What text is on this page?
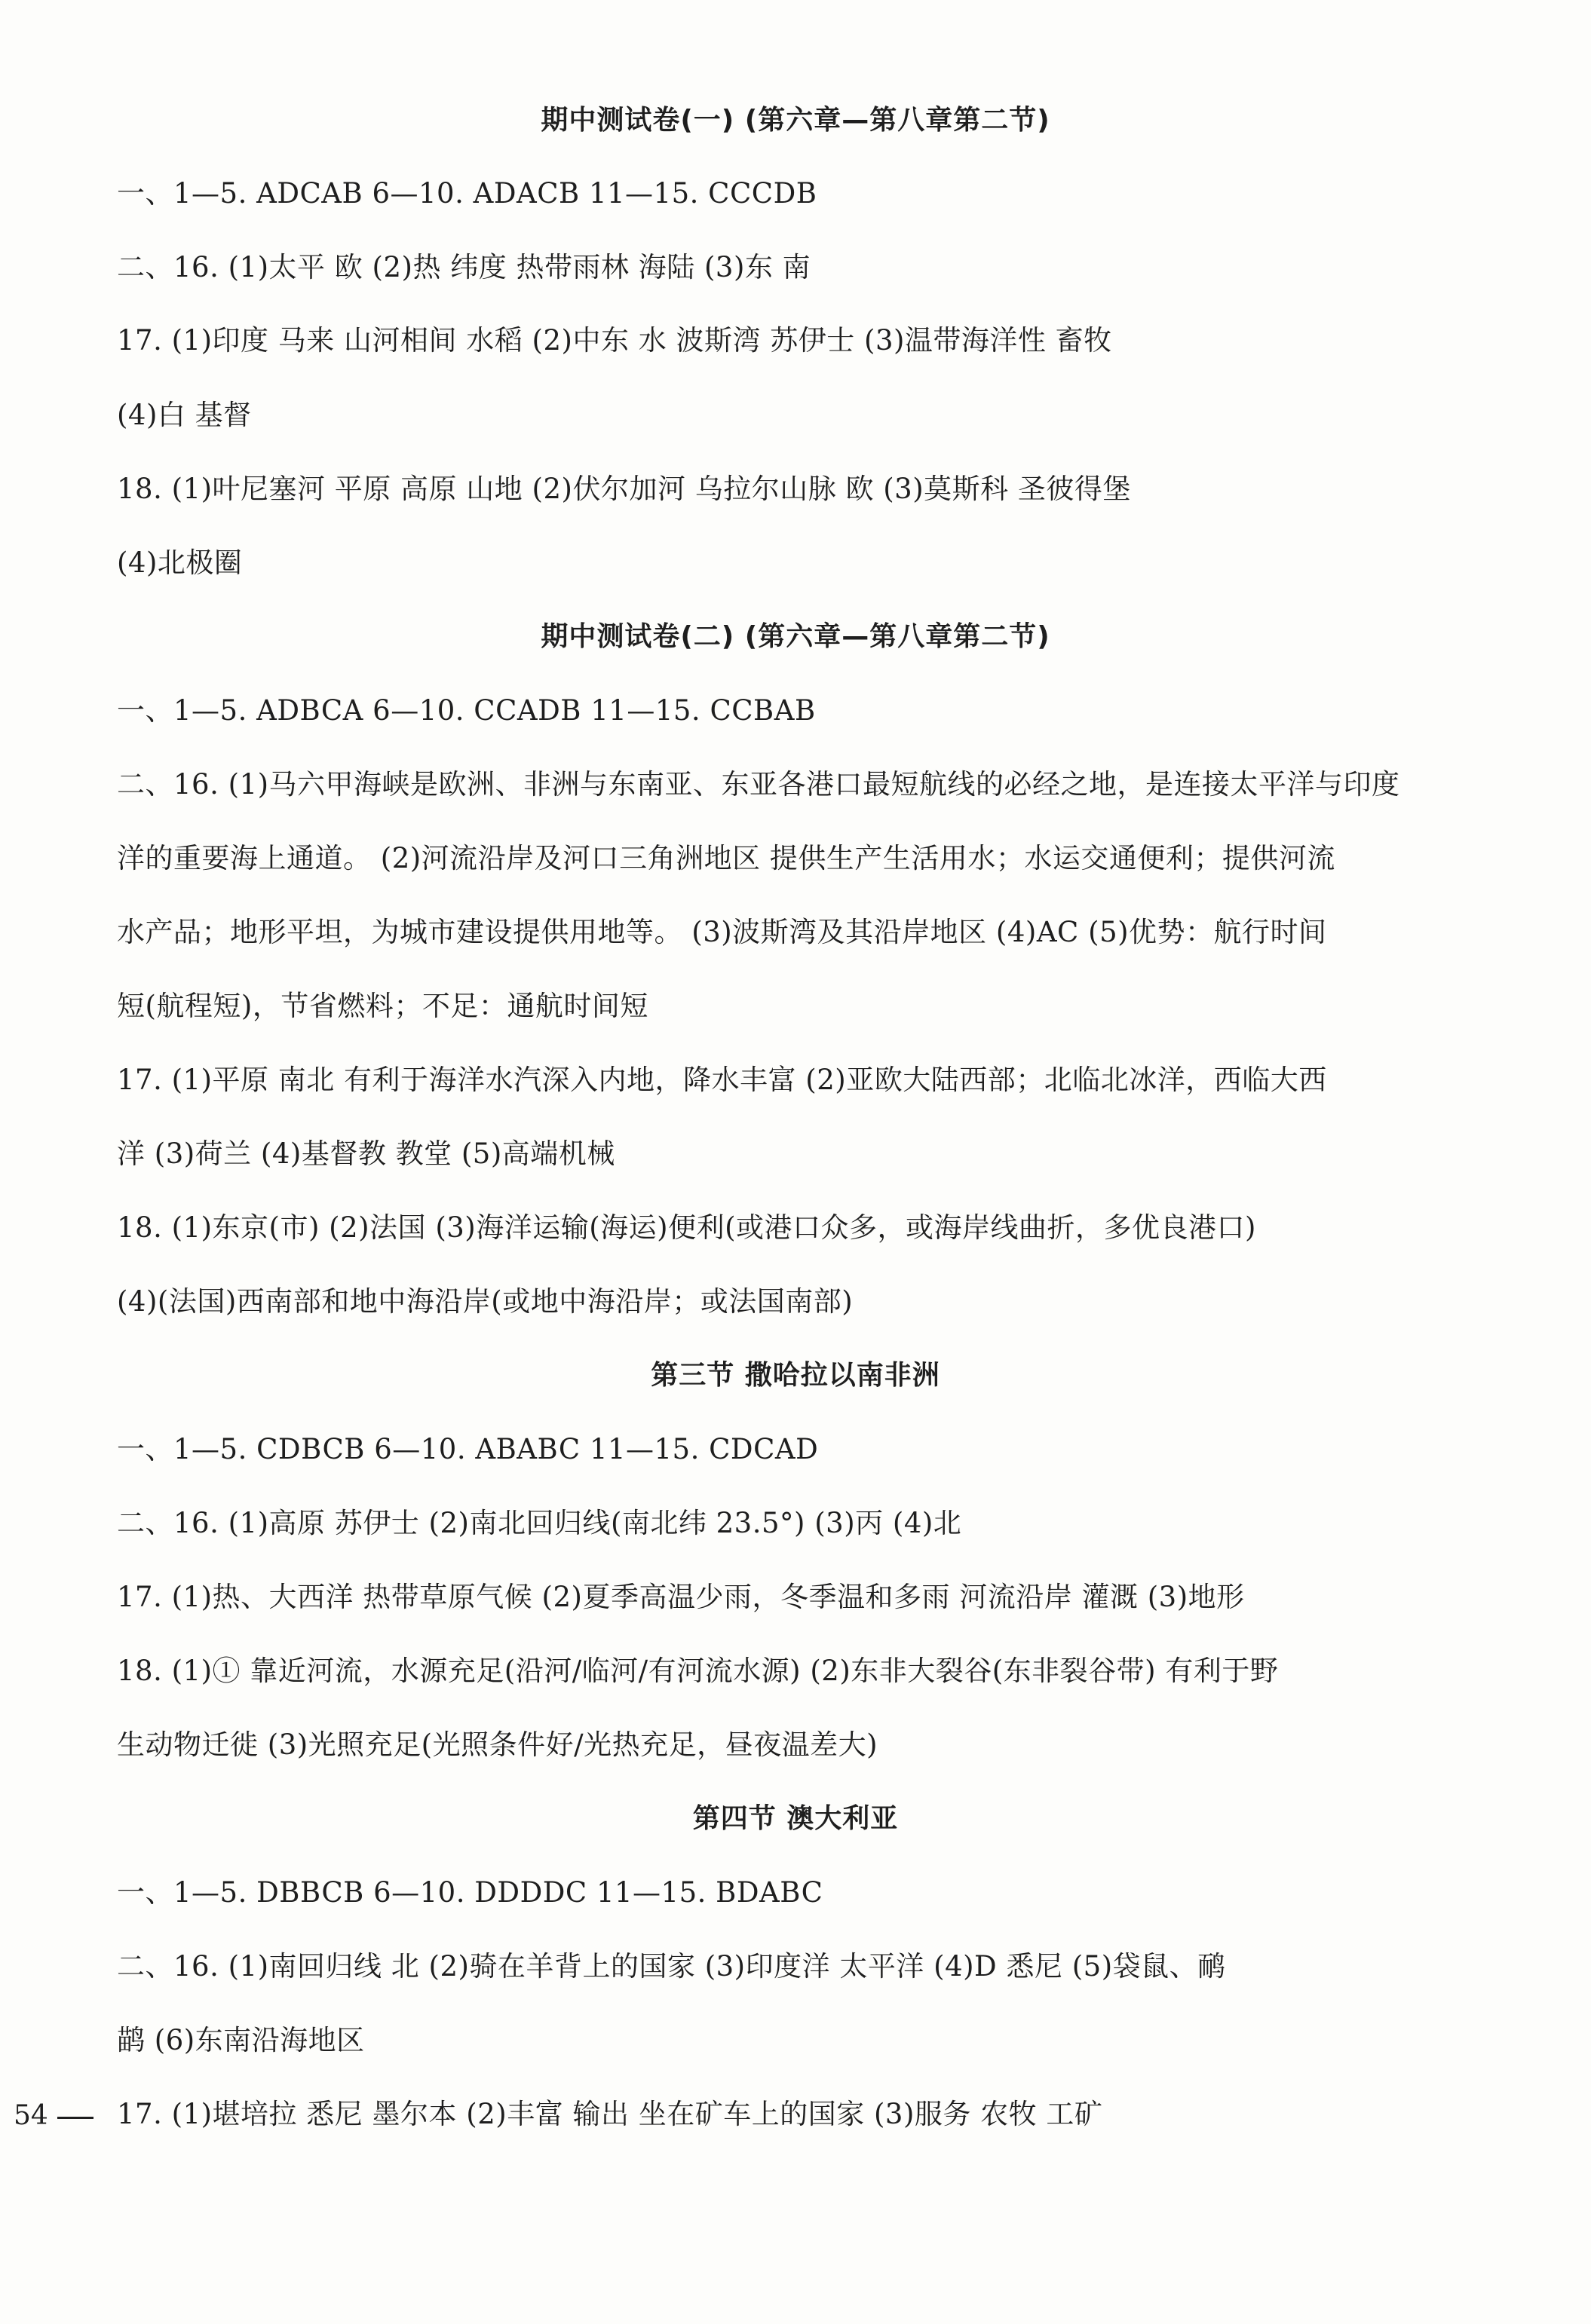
期中测试卷(一) (第六章—第八章第二节)
一、1—5. ADCAB 6—10. ADACB 11—15. CCCDB
二、16. (1)太平 欧 (2)热 纬度 热带雨林 海陆 (3)东 南
17. (1)印度 马来 山河相间 水稻 (2)中东 水 波斯湾 苏伊士 (3)温带海洋性 畜牧
(4)白 基督
18. (1)叶尼塞河 平原 高原 山地 (2)伏尔加河 乌拉尔山脉 欧 (3)莫斯科 圣彼得堡
(4)北极圈
期中测试卷(二) (第六章—第八章第二节)
一、1—5. ADBCA 6—10. CCADB 11—15. CCBAB
二、16. (1)马六甲海峡是欧洲、非洲与东南亚、东亚各港口最短航线的必经之地，是连接太平洋与印度
洋的重要海上通道。 (2)河流沿岸及河口三角洲地区 提供生产生活用水；水运交通便利；提供河流
水产品；地形平坦，为城市建设提供用地等。 (3)波斯湾及其沿岸地区 (4)AC (5)优势：航行时间
短(航程短)，节省燃料；不足：通航时间短
17. (1)平原 南北 有利于海洋水汽深入内地，降水丰富 (2)亚欧大陆西部；北临北冰洋，西临大西
洋 (3)荷兰 (4)基督教 教堂 (5)高端机械
18. (1)东京(市) (2)法国 (3)海洋运输(海运)便利(或港口众多，或海岸线曲折，多优良港口)
(4)(法国)西南部和地中海沿岸(或地中海沿岸；或法国南部)
第三节 撒哈拉以南非洲
一、1—5. CDBCB 6—10. ABABC 11—15. CDCAD
二、16. (1)高原 苏伊士 (2)南北回归线(南北纬 23.5°) (3)丙 (4)北
17. (1)热、大西洋 热带草原气候 (2)夏季高温少雨，冬季温和多雨 河流沿岸 灌溉 (3)地形
18. (1)① 靠近河流，水源充足(沿河/临河/有河流水源) (2)东非大裂谷(东非裂谷带) 有利于野
生动物迁徙 (3)光照充足(光照条件好/光热充足，昼夜温差大)
第四节 澳大利亚
一、1—5. DBBCB 6—10. DDDDC 11—15. BDABC
二、16. (1)南回归线 北 (2)骑在羊背上的国家 (3)印度洋 太平洋 (4)D 悉尼 (5)袋鼠、鸸
鹋 (6)东南沿海地区
17. (1)堪培拉 悉尼 墨尔本 (2)丰富 输出 坐在矿车上的国家 (3)服务 农牧 工矿
54
